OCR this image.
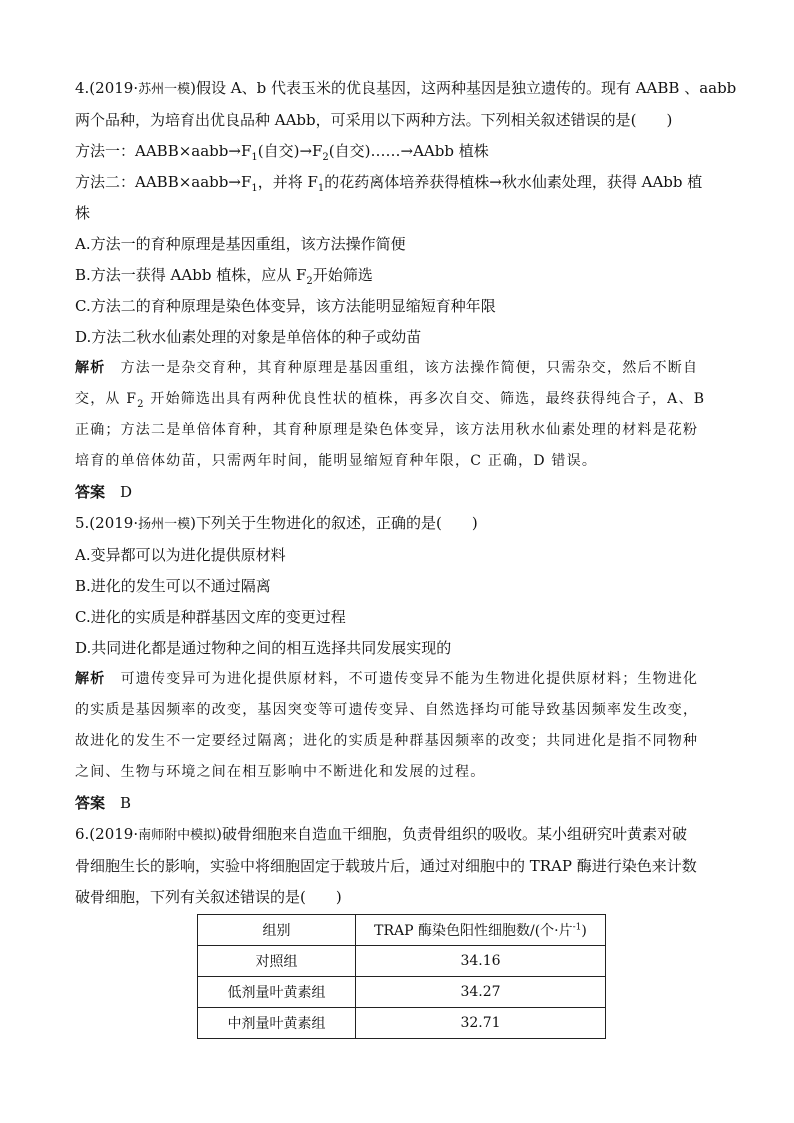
4.(2019·苏州一模)假设 A、b 代表玉米的优良基因，这两种基因是独立遗传的。现有 AABB 、aabb

两个品种，为培育出优良品种 AAbb，可采用以下两种方法。下列相关叙述错误的是(　　)

方法一：$AABB\times aabb\to F_1$(自交)$\to F_2$(自交)……→AAbb 植株

方法二：$AABB\times aabb\to F_1$，并将 $F_1$的花药离体培养获得植株→秋水仙素处理，获得 AAbb 植

株

A.方法一的育种原理是基因重组，该方法操作简便

B.方法一获得 AAbb 植株，应从 $F_2$开始筛选

C.方法二的育种原理是染色体变异，该方法能明显缩短育种年限

D.方法二秋水仙素处理的对象是单倍体的种子或幼苗

解析　方法一是杂交育种，其育种原理是基因重组，该方法操作简便，只需杂交，然后不断自

交，从 $F_2$ 开始筛选出具有两种优良性状的植株，再多次自交、筛选，最终获得纯合子，A、B

正确；方法二是单倍体育种，其育种原理是染色体变异，该方法用秋水仙素处理的材料是花粉

培育的单倍体幼苗，只需两年时间，能明显缩短育种年限，C 正确，D 错误。

答案　D

5.(2019·扬州一模)下列关于生物进化的叙述，正确的是(　　)

A.变异都可以为进化提供原材料

B.进化的发生可以不通过隔离

C.进化的实质是种群基因文库的变更过程

D.共同进化都是通过物种之间的相互选择共同发展实现的

解析　可遗传变异可为进化提供原材料，不可遗传变异不能为生物进化提供原材料；生物进化

的实质是基因频率的改变，基因突变等可遗传变异、自然选择均可能导致基因频率发生改变，

故进化的发生不一定要经过隔离；进化的实质是种群基因频率的改变；共同进化是指不同物种

之间、生物与环境之间在相互影响中不断进化和发展的过程。

答案　B

6.(2019·南师附中模拟)破骨细胞来自造血干细胞，负责骨组织的吸收。某小组研究叶黄素对破

骨细胞生长的影响，实验中将细胞固定于载玻片后，通过对细胞中的 TRAP 酶进行染色来计数

破骨细胞，下列有关叙述错误的是(　　)

组别	TRAP 酶染色阳性细胞数/(个·片$^{-1}$)
对照组	34.16
低剂量叶黄素组	34.27
中剂量叶黄素组	32.71
